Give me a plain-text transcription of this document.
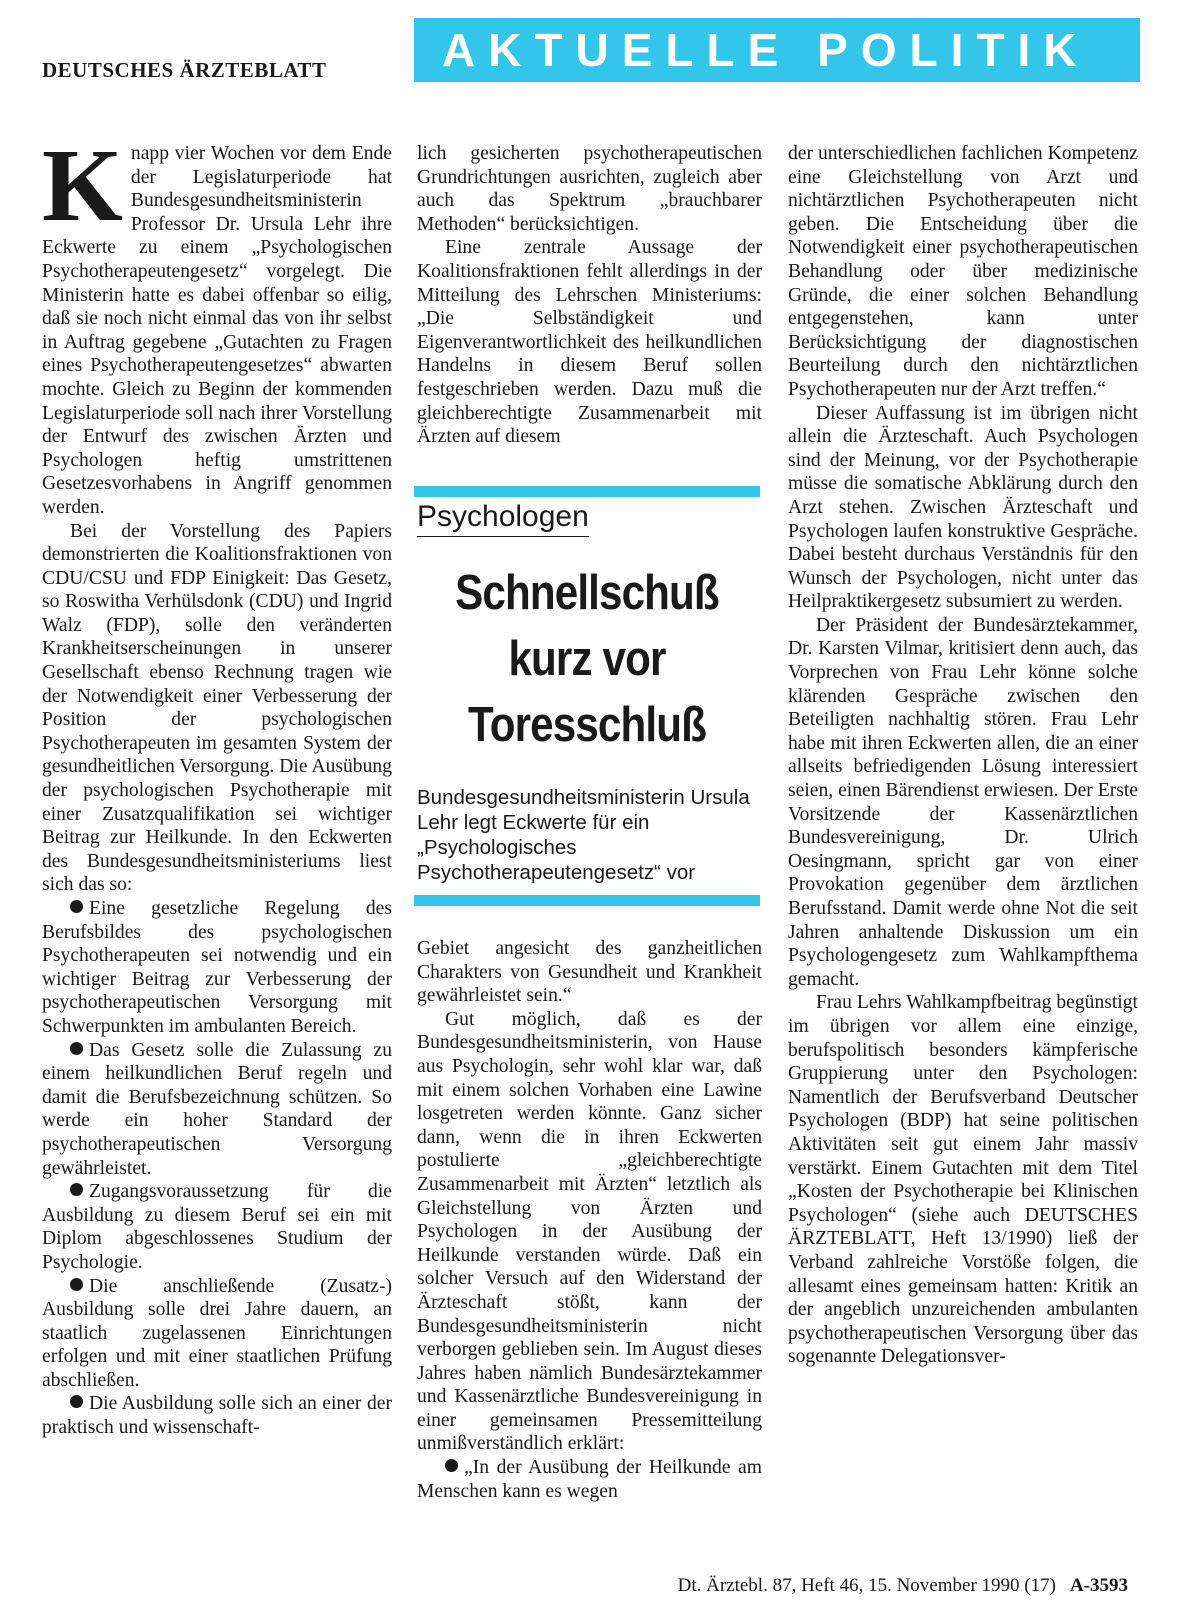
DEUTSCHES ÄRZTEBLATT	AKTUELLE POLITIK

Knapp vier Wochen vor dem Ende der Legislaturperiode hat Bundesgesundheitsministerin Professor Dr. Ursula Lehr ihre Eckwerte zu einem „Psychologischen Psychotherapeutengesetz“ vorgelegt. Die Ministerin hatte es dabei offenbar so eilig, daß sie noch nicht einmal das von ihr selbst in Auftrag gegebene „Gutachten zu Fragen eines Psychotherapeutengesetzes“ abwarten mochte. Gleich zu Beginn der kommenden Legislaturperiode soll nach ihrer Vorstellung der Entwurf des zwischen Ärzten und Psychologen heftig umstrittenen Gesetzesvorhabens in Angriff genommen werden.

Bei der Vorstellung des Papiers demonstrierten die Koalitionsfraktionen von CDU/CSU und FDP Einigkeit: Das Gesetz, so Roswitha Verhülsdonk (CDU) und Ingrid Walz (FDP), solle den veränderten Krankheitserscheinungen in unserer Gesellschaft ebenso Rechnung tragen wie der Notwendigkeit einer Verbesserung der Position der psychologischen Psychotherapeuten im gesamten System der gesundheitlichen Versorgung. Die Ausübung der psychologischen Psychotherapie mit einer Zusatzqualifikation sei wichtiger Beitrag zur Heilkunde. In den Eckwerten des Bundesgesundheitsministeriums liest sich das so:

Eine gesetzliche Regelung des Berufsbildes des psychologischen Psychotherapeuten sei notwendig und ein wichtiger Beitrag zur Verbesserung der psychotherapeutischen Versorgung mit Schwerpunkten im ambulanten Bereich.

Das Gesetz solle die Zulassung zu einem heilkundlichen Beruf regeln und damit die Berufsbezeichnung schützen. So werde ein hoher Standard der psychotherapeutischen Versorgung gewährleistet.

Zugangsvoraussetzung für die Ausbildung zu diesem Beruf sei ein mit Diplom abgeschlossenes Studium der Psychologie.

Die anschließende (Zusatz-) Ausbildung solle drei Jahre dauern, an staatlich zugelassenen Einrichtungen erfolgen und mit einer staatlichen Prüfung abschließen.

Die Ausbildung solle sich an einer der praktisch und wissenschaft-

lich gesicherten psychotherapeutischen Grundrichtungen ausrichten, zugleich aber auch das Spektrum „brauchbarer Methoden“ berücksichtigen.

Eine zentrale Aussage der Koalitionsfraktionen fehlt allerdings in der Mitteilung des Lehrschen Ministeriums: „Die Selbständigkeit und Eigenverantwortlichkeit des heilkundlichen Handelns in diesem Beruf sollen festgeschrieben werden. Dazu muß die gleichberechtigte Zusammenarbeit mit Ärzten auf diesem

Psychologen
Schnellschuß
kurz vor
Toresschluß
Bundesgesundheitsministerin Ursula Lehr legt Eckwerte für ein „Psychologisches Psychotherapeutengesetz“ vor

Gebiet angesicht des ganzheitlichen Charakters von Gesundheit und Krankheit gewährleistet sein.“

Gut möglich, daß es der Bundesgesundheitsministerin, von Hause aus Psychologin, sehr wohl klar war, daß mit einem solchen Vorhaben eine Lawine losgetreten werden könnte. Ganz sicher dann, wenn die in ihren Eckwerten postulierte „gleichberechtigte Zusammenarbeit mit Ärzten“ letztlich als Gleichstellung von Ärzten und Psychologen in der Ausübung der Heilkunde verstanden würde. Daß ein solcher Versuch auf den Widerstand der Ärzteschaft stößt, kann der Bundesgesundheitsministerin nicht verborgen geblieben sein. Im August dieses Jahres haben nämlich Bundesärztekammer und Kassenärztliche Bundesvereinigung in einer gemeinsamen Pressemitteilung unmißverständlich erklärt:

„In der Ausübung der Heilkunde am Menschen kann es wegen

der unterschiedlichen fachlichen Kompetenz eine Gleichstellung von Arzt und nichtärztlichen Psychotherapeuten nicht geben. Die Entscheidung über die Notwendigkeit einer psychotherapeutischen Behandlung oder über medizinische Gründe, die einer solchen Behandlung entgegenstehen, kann unter Berücksichtigung der diagnostischen Beurteilung durch den nichtärztlichen Psychotherapeuten nur der Arzt treffen.“

Dieser Auffassung ist im übrigen nicht allein die Ärzteschaft. Auch Psychologen sind der Meinung, vor der Psychotherapie müsse die somatische Abklärung durch den Arzt stehen. Zwischen Ärzteschaft und Psychologen laufen konstruktive Gespräche. Dabei besteht durchaus Verständnis für den Wunsch der Psychologen, nicht unter das Heilpraktikergesetz subsumiert zu werden.

Der Präsident der Bundesärztekammer, Dr. Karsten Vilmar, kritisiert denn auch, das Vorprechen von Frau Lehr könne solche klärenden Gespräche zwischen den Beteiligten nachhaltig stören. Frau Lehr habe mit ihren Eckwerten allen, die an einer allseits befriedigenden Lösung interessiert seien, einen Bärendienst erwiesen. Der Erste Vorsitzende der Kassenärztlichen Bundesvereinigung, Dr. Ulrich Oesingmann, spricht gar von einer Provokation gegenüber dem ärztlichen Berufsstand. Damit werde ohne Not die seit Jahren anhaltende Diskussion um ein Psychologengesetz zum Wahlkampfthema gemacht.

Frau Lehrs Wahlkampfbeitrag begünstigt im übrigen vor allem eine einzige, berufspolitisch besonders kämpferische Gruppierung unter den Psychologen: Namentlich der Berufsverband Deutscher Psychologen (BDP) hat seine politischen Aktivitäten seit gut einem Jahr massiv verstärkt. Einem Gutachten mit dem Titel „Kosten der Psychotherapie bei Klinischen Psychologen“ (siehe auch DEUTSCHES ÄRZTEBLATT, Heft 13/1990) ließ der Verband zahlreiche Vorstöße folgen, die allesamt eines gemeinsam hatten: Kritik an der angeblich unzureichenden ambulanten psychotherapeutischen Versorgung über das sogenannte Delegationsver-

Dt. Ärztebl. 87, Heft 46, 15. November 1990 (17) A-3593
